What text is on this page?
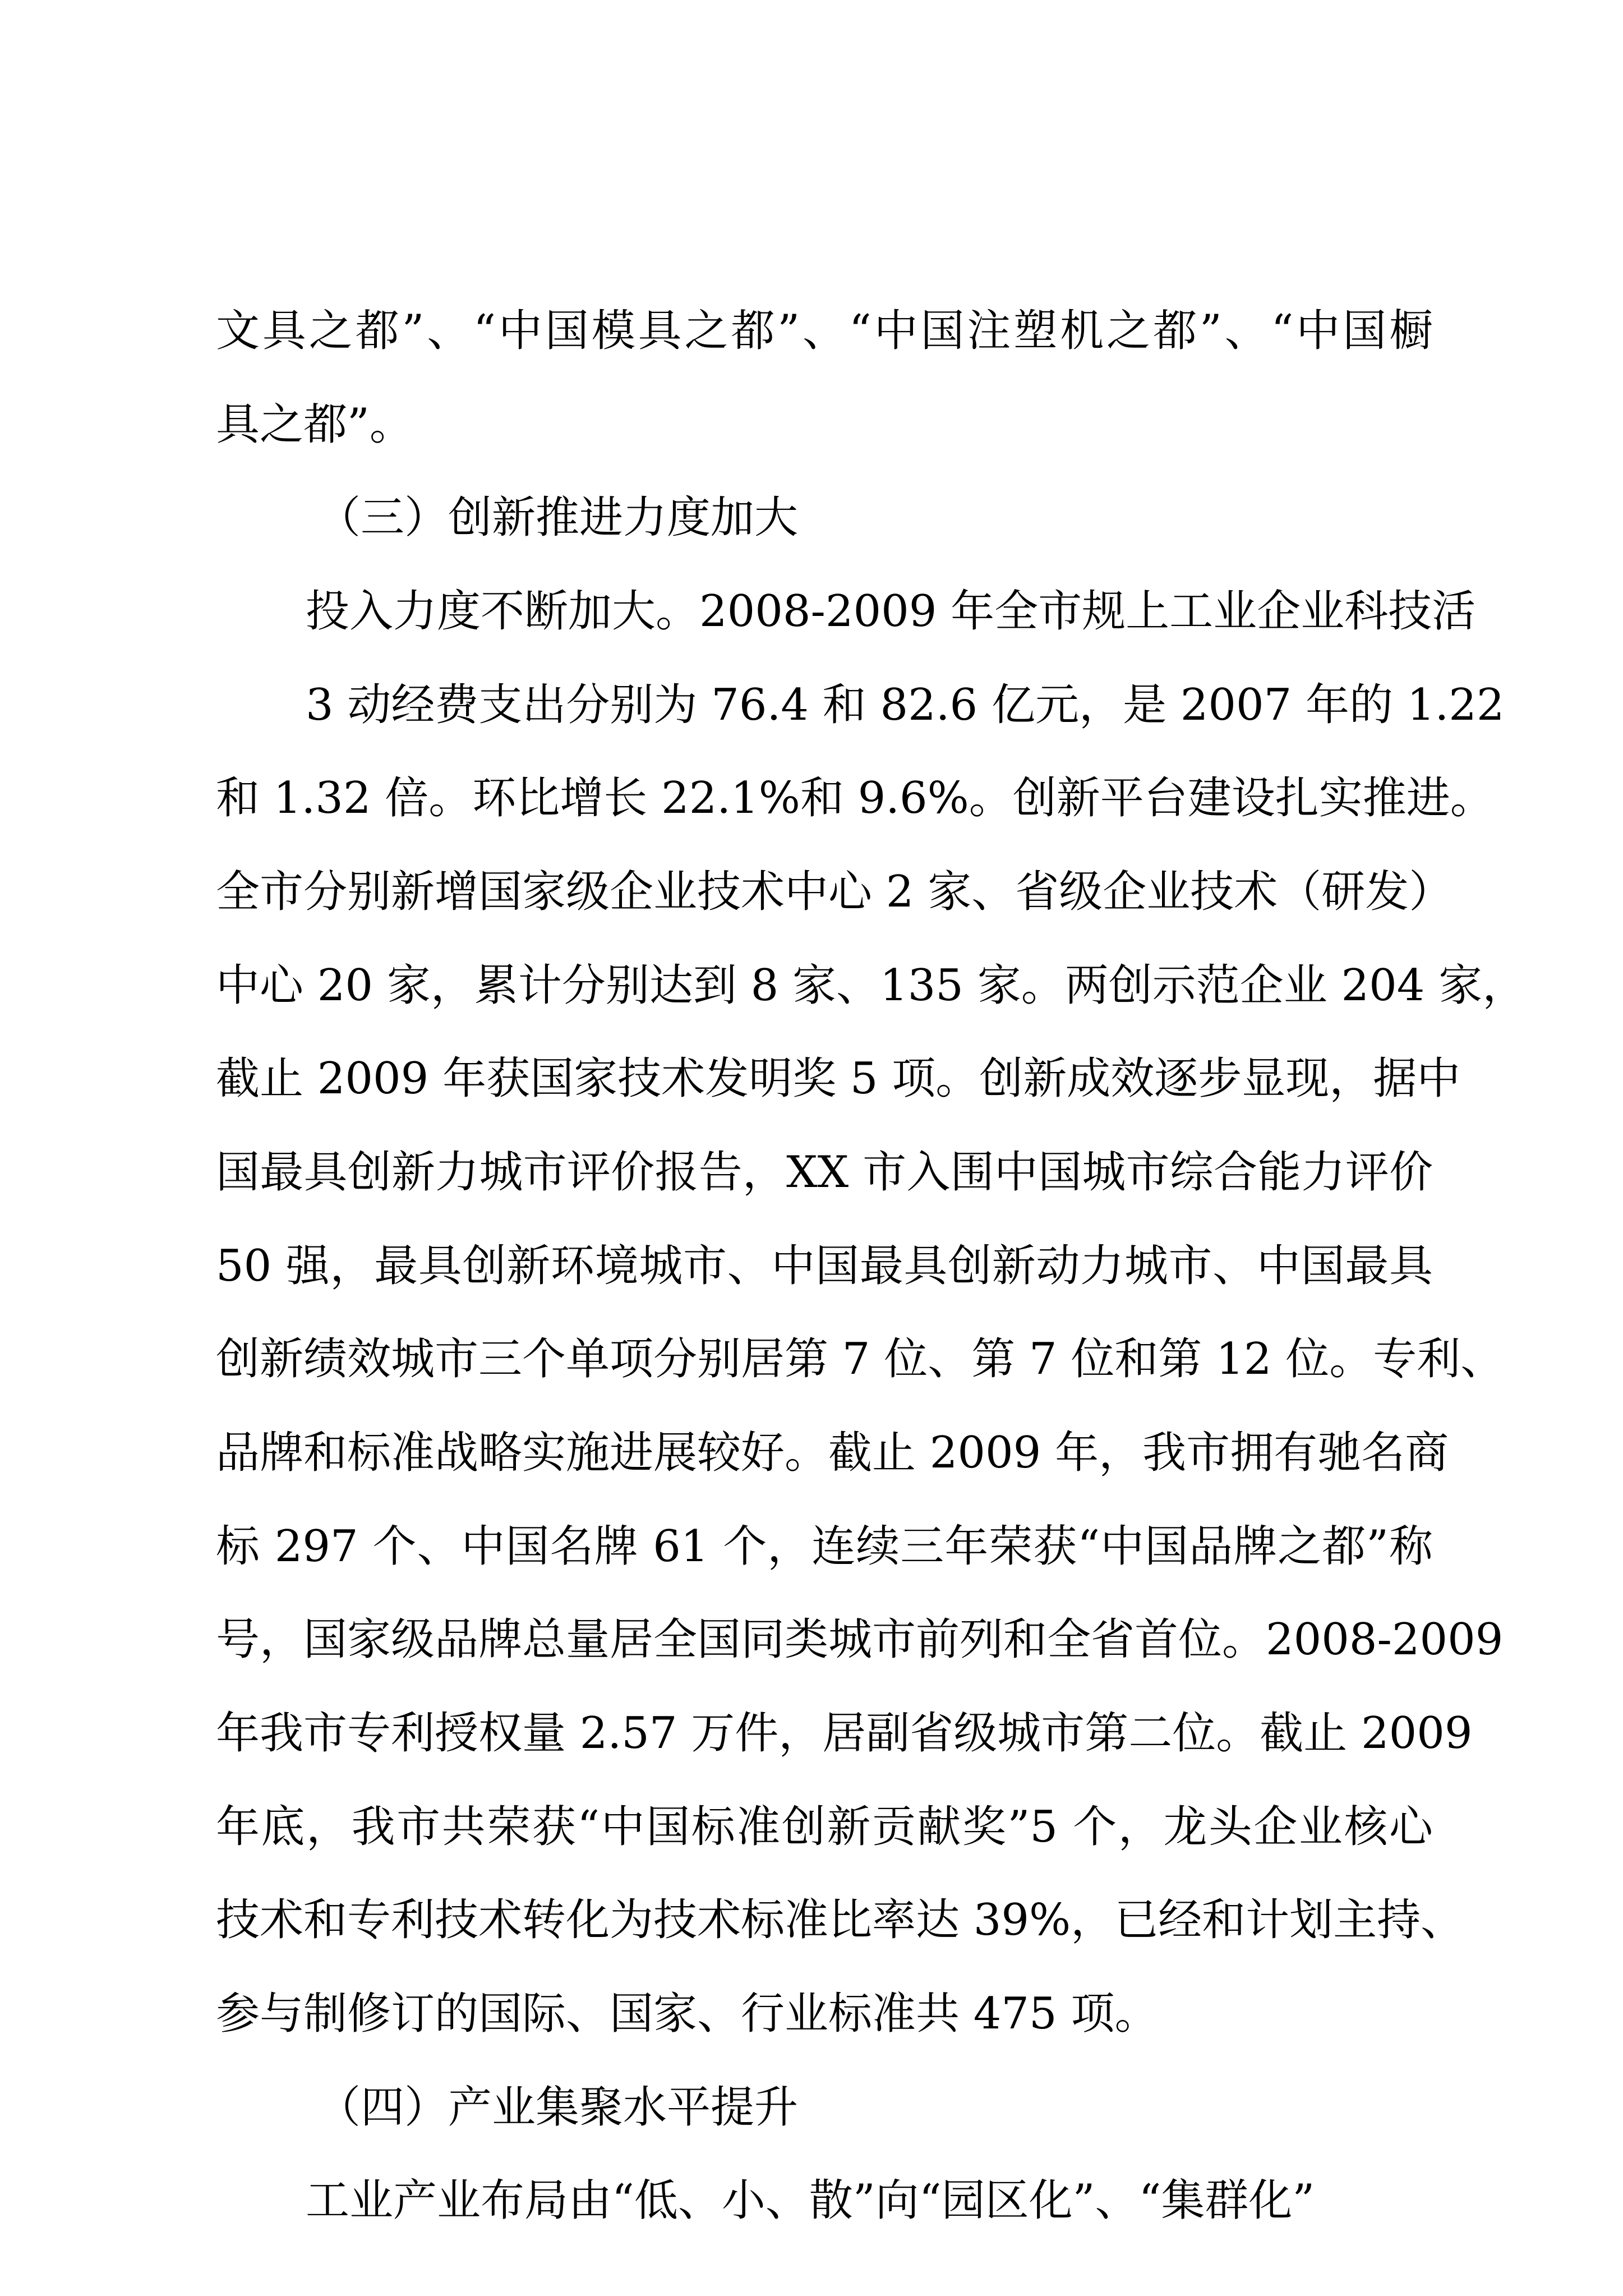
文具之都”、“中国模具之都”、“中国注塑机之都”、“中国橱
具之都”。
（三）创新推进力度加大
投入力度不断加大。2008-2009 年全市规上工业企业科技活
3 动经费支出分别为 76.4 和 82.6 亿元，是 2007 年的 1.22
和 1.32 倍。环比增长 22.1%和 9.6%。创新平台建设扎实推进。
全市分别新增国家级企业技术中心 2 家、省级企业技术（研发）
中心 20 家，累计分别达到 8 家、135 家。两创示范企业 204 家，
截止 2009 年获国家技术发明奖 5 项。创新成效逐步显现，据中
国最具创新力城市评价报告，XX 市入围中国城市综合能力评价
50 强，最具创新环境城市、中国最具创新动力城市、中国最具
创新绩效城市三个单项分别居第 7 位、第 7 位和第 12 位。专利、
品牌和标准战略实施进展较好。截止 2009 年，我市拥有驰名商
标 297 个、中国名牌 61 个，连续三年荣获“中国品牌之都”称
号，国家级品牌总量居全国同类城市前列和全省首位。2008-2009
年我市专利授权量 2.57 万件，居副省级城市第二位。截止 2009
年底，我市共荣获“中国标准创新贡献奖”5 个，龙头企业核心
技术和专利技术转化为技术标准比率达 39%，已经和计划主持、
参与制修订的国际、国家、行业标准共 475 项。
（四）产业集聚水平提升
工业产业布局由“低、小、散”向“园区化”、“集群化”
